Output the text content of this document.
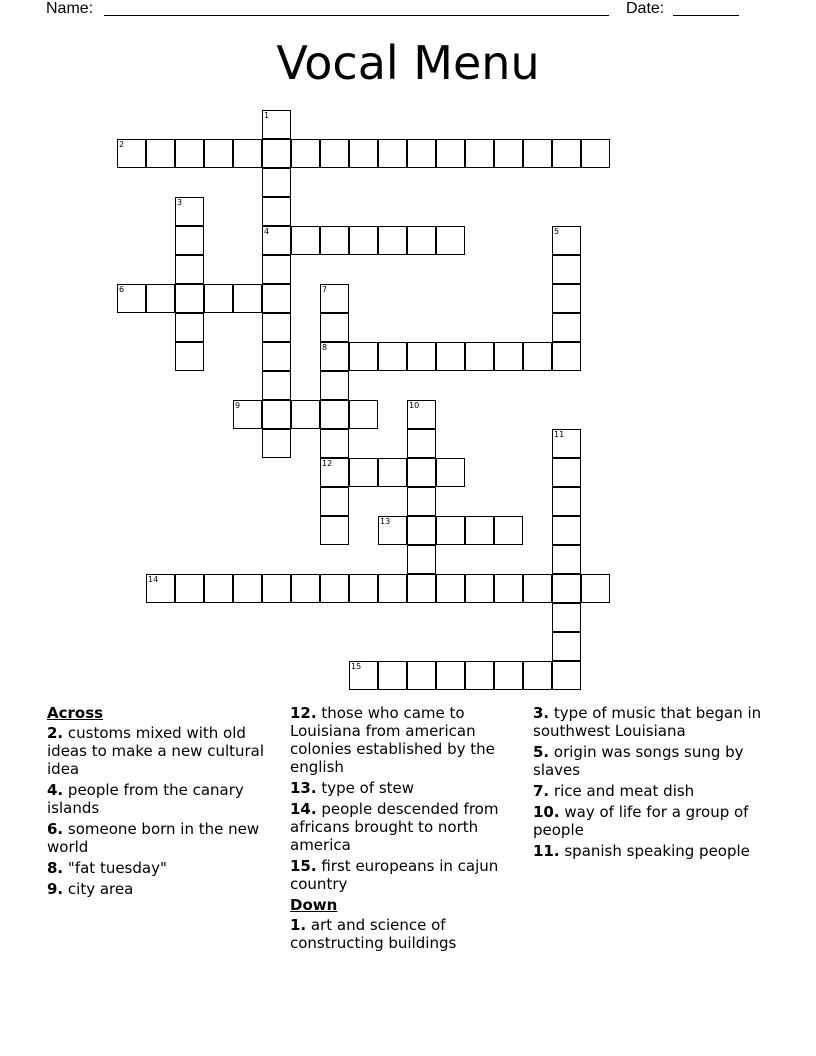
Name:	Date:
Vocal Menu
1
4
2
3
5
6	7
8
12
9	10
11
13
14
15
Across
2. customs mixed with old ideas to make a new cultural idea
4. people from the canary islands
6. someone born in the new world
8. "fat tuesday"
9. city area
12. those who came to Louisiana from american colonies established by the english
13. type of stew
14. people descended from africans brought to north america
15. first europeans in cajun country
Down
1. art and science of constructing buildings
3. type of music that began in southwest Louisiana
5. origin was songs sung by slaves
7. rice and meat dish
10. way of life for a group of people
11. spanish speaking people
